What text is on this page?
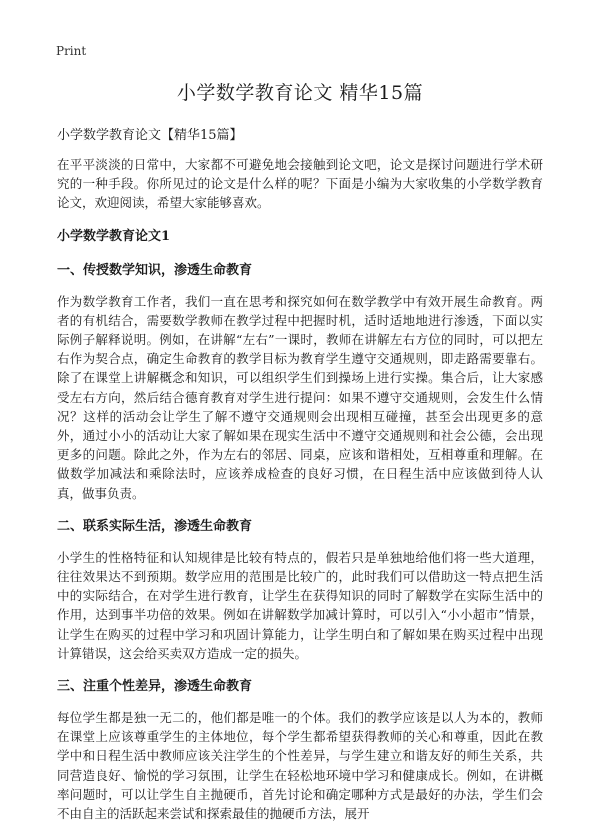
Print
小学数学教育论文 精华15篇
小学数学教育论文【精华15篇】

在平平淡淡的日常中，大家都不可避免地会接触到论文吧，论文是探讨问题进行学术研究的一种手段。你所见过的论文是什么样的呢？下面是小编为大家收集的小学数学教育论文，欢迎阅读，希望大家能够喜欢。

小学数学教育论文1
一、传授数学知识，渗透生命教育

作为数学教育工作者，我们一直在思考和探究如何在数学教学中有效开展生命教育。两者的有机结合，需要数学教师在教学过程中把握时机，适时适地地进行渗透，下面以实际例子解释说明。例如，在讲解“左右”一课时，教师在讲解左右方位的同时，可以把左右作为契合点，确定生命教育的教学目标为教育学生遵守交通规则，即走路需要靠右。除了在课堂上讲解概念和知识，可以组织学生们到操场上进行实操。集合后，让大家感受左右方向，然后结合德育教育对学生进行提问：如果不遵守交通规则，会发生什么情况？这样的活动会让学生了解不遵守交通规则会出现相互碰撞，甚至会出现更多的意外，通过小小的活动让大家了解如果在现实生活中不遵守交通规则和社会公德，会出现更多的问题。除此之外，作为左右的邻居、同桌，应该和谐相处，互相尊重和理解。在做数学加减法和乘除法时，应该养成检查的良好习惯，在日程生活中应该做到待人认真，做事负责。

二、联系实际生活，渗透生命教育

小学生的性格特征和认知规律是比较有特点的，假若只是单独地给他们将一些大道理，往往效果达不到预期。数学应用的范围是比较广的，此时我们可以借助这一特点把生活中的实际结合，在对学生进行教育，让学生在获得知识的同时了解数学在实际生活中的作用，达到事半功倍的效果。例如在讲解数学加减计算时，可以引入“小小超市”情景，让学生在购买的过程中学习和巩固计算能力，让学生明白和了解如果在购买过程中出现计算错误，这会给买卖双方造成一定的损失。

三、注重个性差异，渗透生命教育

每位学生都是独一无二的，他们都是唯一的个体。我们的教学应该是以人为本的，教师在课堂上应该尊重学生的主体地位，每个学生都希望获得教师的关心和尊重，因此在教学中和日程生活中教师应该关注学生的个性差异，与学生建立和谐友好的师生关系，共同营造良好、愉悦的学习氛围，让学生在轻松地环境中学习和健康成长。例如，在讲概率问题时，可以让学生自主抛硬币，首先讨论和确定哪种方式是最好的办法，学生们会不由自主的活跃起来尝试和探索最佳的抛硬币方法，展开
